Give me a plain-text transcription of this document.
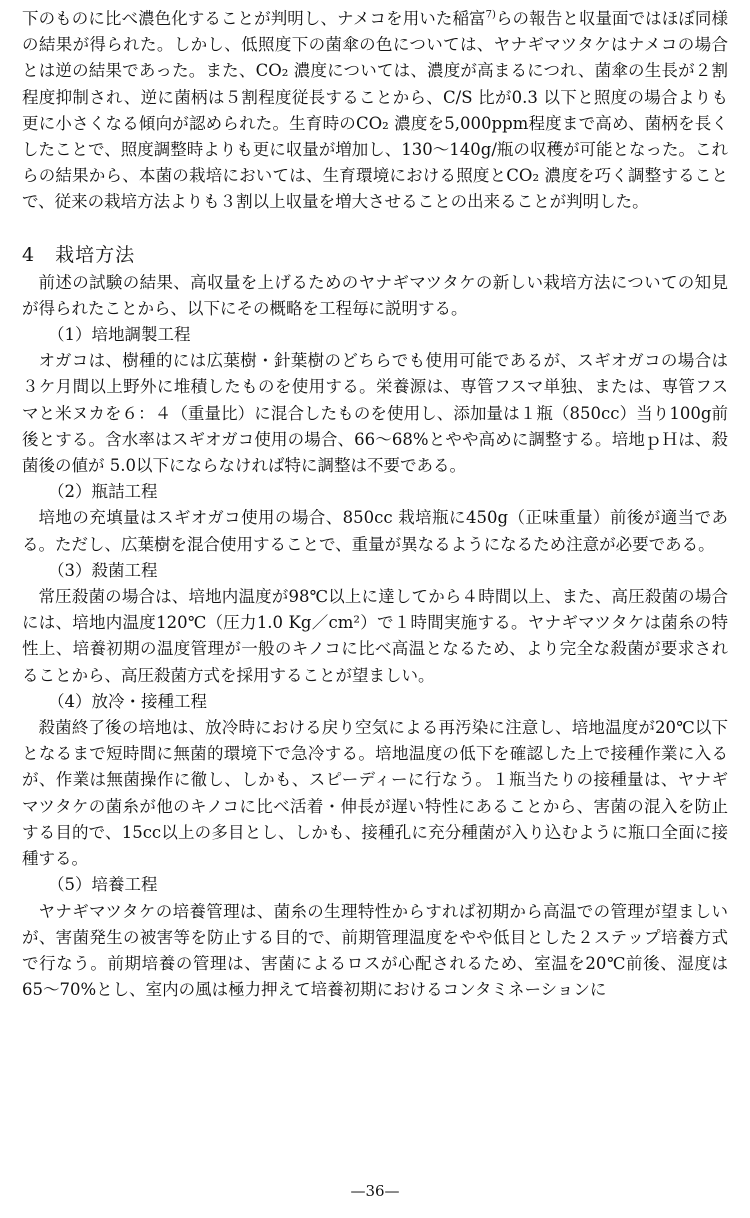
下のものに比べ濃色化することが判明し、ナメコを用いた稲富$^{7)}$らの報告と収量面ではほぼ同様の結果が得られた。しかし、低照度下の菌傘の色については、ヤナギマツタケはナメコの場合とは逆の結果であった。また、CO₂ 濃度については、濃度が高まるにつれ、菌傘の生長が２割程度抑制され、逆に菌柄は５割程度従長することから、C/S 比が0.3 以下と照度の場合よりも更に小さくなる傾向が認められた。生育時のCO₂ 濃度を5,000ppm程度まで高め、菌柄を長くしたことで、照度調整時よりも更に収量が増加し、130〜140g/瓶の収穫が可能となった。これらの結果から、本菌の栽培においては、生育環境における照度とCO₂ 濃度を巧く調整することで、従来の栽培方法よりも３割以上収量を増大させることの出来ることが判明した。

4　栽培方法

前述の試験の結果、高収量を上げるためのヤナギマツタケの新しい栽培方法についての知見が得られたことから、以下にその概略を工程毎に説明する。

（1）培地調製工程

オガコは、樹種的には広葉樹・針葉樹のどちらでも使用可能であるが、スギオガコの場合は３ケ月間以上野外に堆積したものを使用する。栄養源は、専管フスマ単独、または、専管フスマと米ヌカを６：４（重量比）に混合したものを使用し、添加量は１瓶（850cc）当り100g前後とする。含水率はスギオガコ使用の場合、66〜68%とやや高めに調整する。培地ｐＨは、殺菌後の値が 5.0以下にならなければ特に調整は不要である。

（2）瓶詰工程

培地の充填量はスギオガコ使用の場合、850cc 栽培瓶に450g（正味重量）前後が適当である。ただし、広葉樹を混合使用することで、重量が異なるようになるため注意が必要である。

（3）殺菌工程

常圧殺菌の場合は、培地内温度が98℃以上に達してから４時間以上、また、高圧殺菌の場合には、培地内温度120℃（圧力1.0 Kg／cm²）で１時間実施する。ヤナギマツタケは菌糸の特性上、培養初期の温度管理が一般のキノコに比べ高温となるため、より完全な殺菌が要求されることから、高圧殺菌方式を採用することが望ましい。

（4）放冷・接種工程

殺菌終了後の培地は、放冷時における戻り空気による再汚染に注意し、培地温度が20℃以下となるまで短時間に無菌的環境下で急冷する。培地温度の低下を確認した上で接種作業に入るが、作業は無菌操作に徹し、しかも、スピーディーに行なう。１瓶当たりの接種量は、ヤナギマツタケの菌糸が他のキノコに比べ活着・伸長が遅い特性にあることから、害菌の混入を防止する目的で、15cc以上の多目とし、しかも、接種孔に充分種菌が入り込むように瓶口全面に接種する。

（5）培養工程

ヤナギマツタケの培養管理は、菌糸の生理特性からすれば初期から高温での管理が望ましいが、害菌発生の被害等を防止する目的で、前期管理温度をやや低目とした２ステップ培養方式で行なう。前期培養の管理は、害菌によるロスが心配されるため、室温を20℃前後、湿度は65〜70%とし、室内の風は極力押えて培養初期におけるコンタミネーションに

—36—
